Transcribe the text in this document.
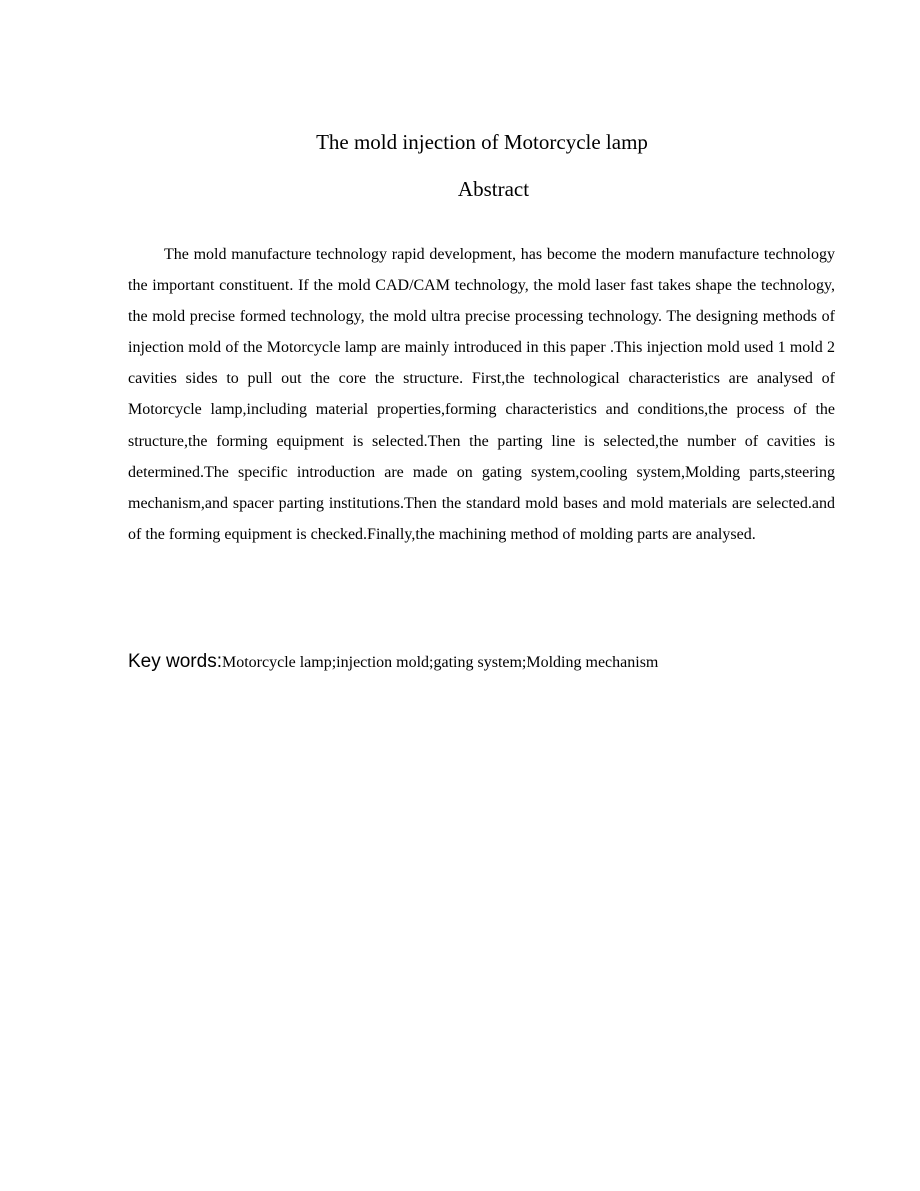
The mold injection of Motorcycle lamp
Abstract

The mold manufacture technology rapid development, has become the modern manufacture technology the important constituent. If the mold CAD/CAM technology, the mold laser fast takes shape the technology, the mold precise formed technology, the mold ultra precise processing technology. The designing methods of injection mold of the Motorcycle lamp are mainly introduced in this paper .This injection mold used 1 mold 2 cavities sides to pull out the core the structure. First,the technological characteristics are analysed of Motorcycle lamp,including material properties,forming characteristics and conditions,the process of the structure,the forming equipment is selected.Then the parting line is selected,the number of cavities is determined.The specific introduction are made on gating system,cooling system,Molding parts,steering mechanism,and spacer parting institutions.Then the standard mold bases and mold materials are selected.and of the forming equipment is checked.Finally,the machining method of molding parts are analysed.

Key words:Motorcycle lamp;injection mold;gating system;Molding mechanism
